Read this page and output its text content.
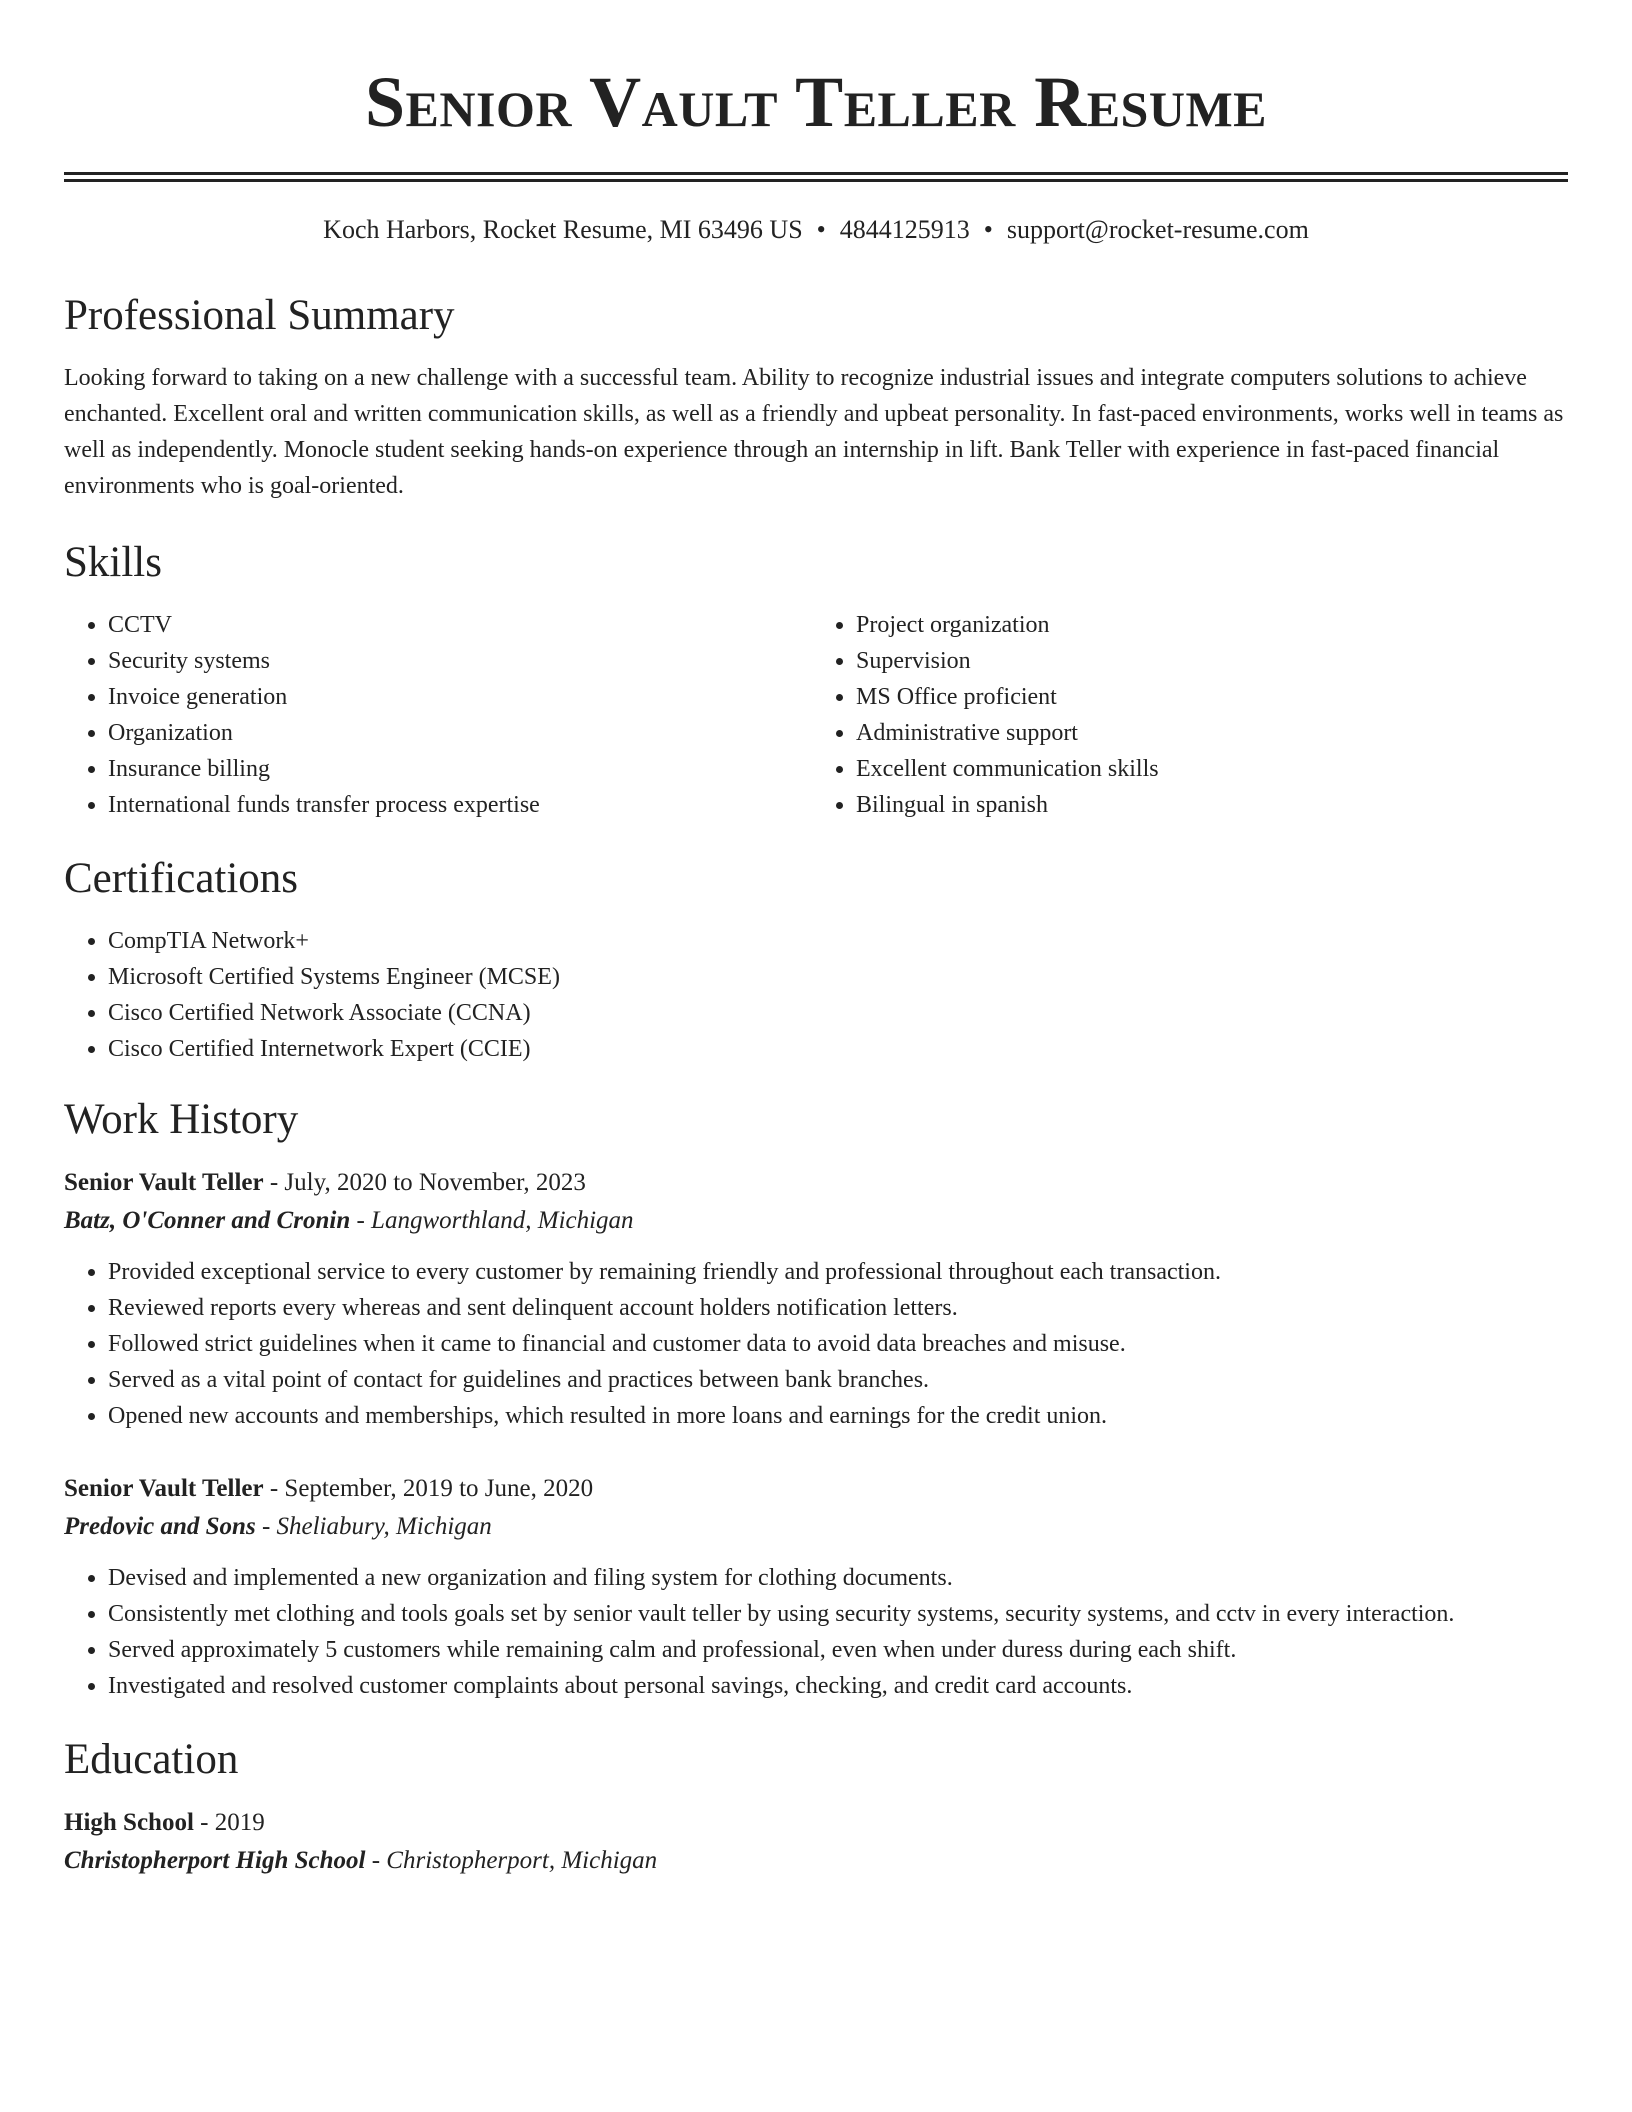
Senior Vault Teller Resume
Koch Harbors, Rocket Resume, MI 63496 US • 4844125913 • support@rocket-resume.com
Professional Summary

Looking forward to taking on a new challenge with a successful team. Ability to recognize industrial issues and integrate computers solutions to achieve enchanted. Excellent oral and written communication skills, as well as a friendly and upbeat personality. In fast-paced environments, works well in teams as well as independently. Monocle student seeking hands-on experience through an internship in lift. Bank Teller with experience in fast-paced financial environments who is goal-oriented.

Skills
• CCTV
• Security systems
• Invoice generation
• Organization
• Insurance billing
• International funds transfer process expertise
• Project organization
• Supervision
• MS Office proficient
• Administrative support
• Excellent communication skills
• Bilingual in spanish
Certifications
• CompTIA Network+
• Microsoft Certified Systems Engineer (MCSE)
• Cisco Certified Network Associate (CCNA)
• Cisco Certified Internetwork Expert (CCIE)
Work History
Senior Vault Teller - July, 2020 to November, 2023
Batz, O'Conner and Cronin - Langworthland, Michigan
• Provided exceptional service to every customer by remaining friendly and professional throughout each transaction.
• Reviewed reports every whereas and sent delinquent account holders notification letters.
• Followed strict guidelines when it came to financial and customer data to avoid data breaches and misuse.
• Served as a vital point of contact for guidelines and practices between bank branches.
• Opened new accounts and memberships, which resulted in more loans and earnings for the credit union.
Senior Vault Teller - September, 2019 to June, 2020
Predovic and Sons - Sheliabury, Michigan
• Devised and implemented a new organization and filing system for clothing documents.
• Consistently met clothing and tools goals set by senior vault teller by using security systems, security systems, and cctv in every interaction.
• Served approximately 5 customers while remaining calm and professional, even when under duress during each shift.
• Investigated and resolved customer complaints about personal savings, checking, and credit card accounts.
Education
High School - 2019
Christopherport High School - Christopherport, Michigan
